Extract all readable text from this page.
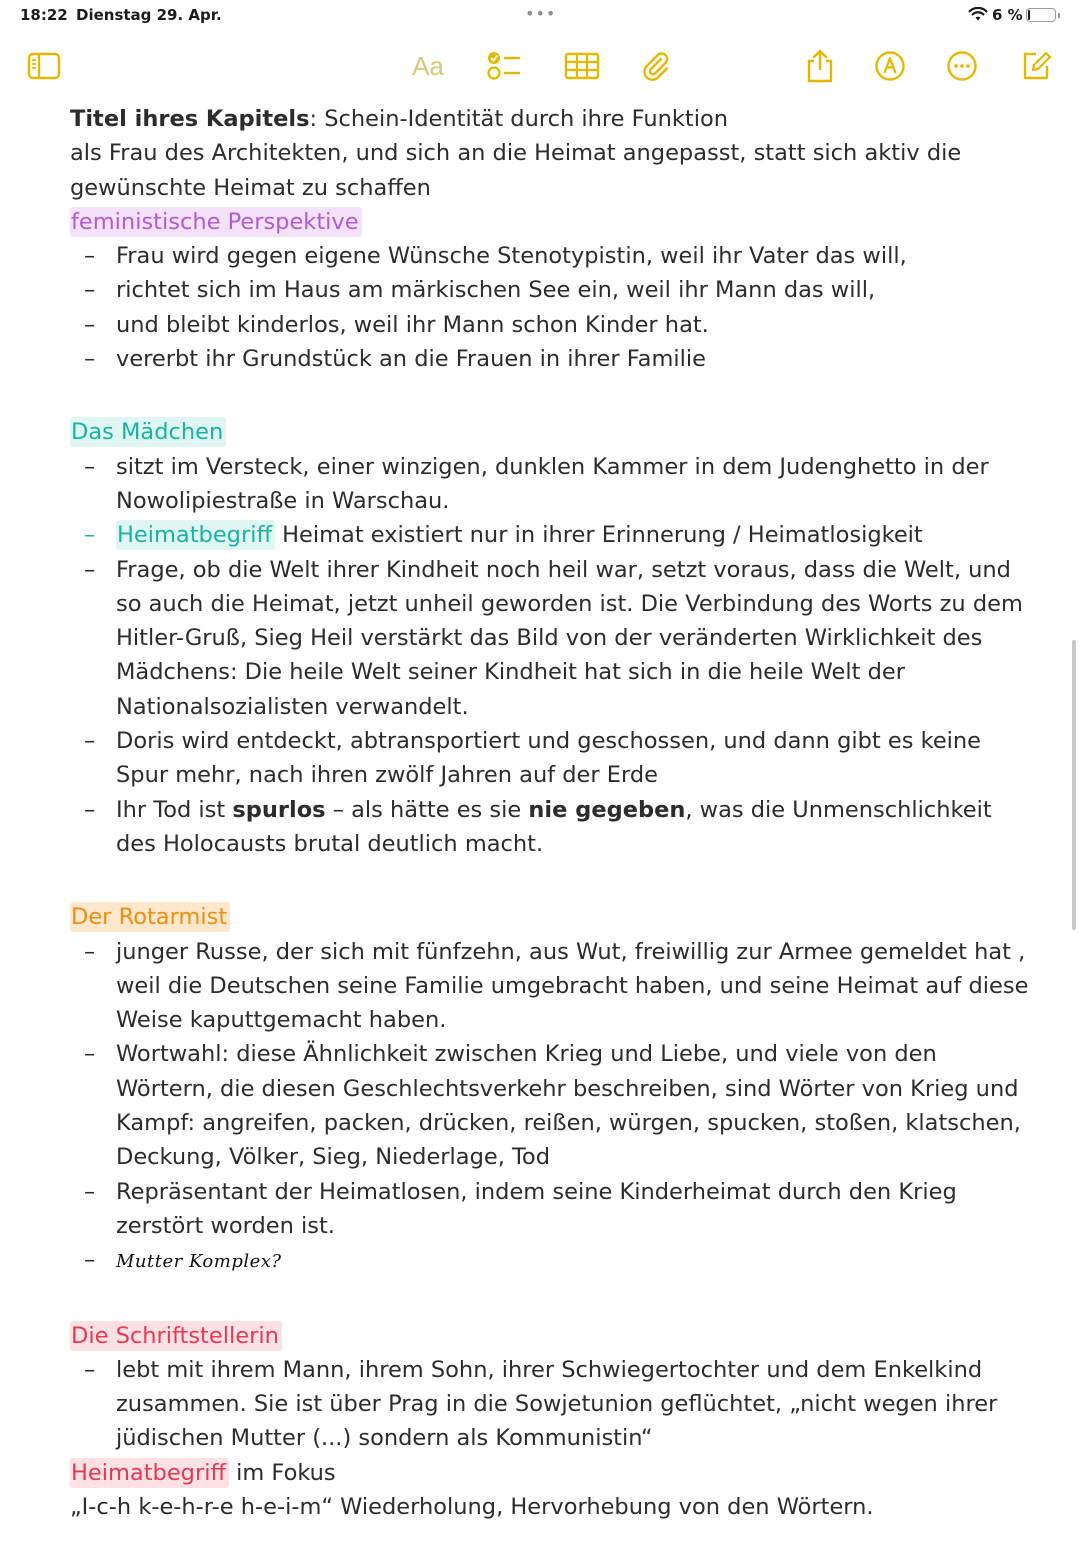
18:22 Dienstag 29. Apr.	•••	6 %
Aa

Titel ihres Kapitels: Schein-Identität durch ihre Funktion

als Frau des Architekten, und sich an die Heimat angepasst, statt sich aktiv die gewünschte Heimat zu schaffen

feministische Perspektive

– Frau wird gegen eigene Wünsche Stenotypistin, weil ihr Vater das will,
– richtet sich im Haus am märkischen See ein, weil ihr Mann das will,
– und bleibt kinderlos, weil ihr Mann schon Kinder hat.
– vererbt ihr Grundstück an die Frauen in ihrer Familie

Das Mädchen

– sitzt im Versteck, einer winzigen, dunklen Kammer in dem Judenghetto in der Nowolipiestraße in Warschau.
– Heimatbegriff Heimat existiert nur in ihrer Erinnerung / Heimatlosigkeit
– Frage, ob die Welt ihrer Kindheit noch heil war, setzt voraus, dass die Welt, und so auch die Heimat, jetzt unheil geworden ist. Die Verbindung des Worts zu dem Hitler-Gruß, Sieg Heil verstärkt das Bild von der veränderten Wirklichkeit des Mädchens: Die heile Welt seiner Kindheit hat sich in die heile Welt der Nationalsozialisten verwandelt.
– Doris wird entdeckt, abtransportiert und geschossen, und dann gibt es keine Spur mehr, nach ihren zwölf Jahren auf der Erde
– Ihr Tod ist spurlos – als hätte es sie nie gegeben, was die Unmenschlichkeit des Holocausts brutal deutlich macht.

Der Rotarmist

– junger Russe, der sich mit fünfzehn, aus Wut, freiwillig zur Armee gemeldet hat , weil die Deutschen seine Familie umgebracht haben, und seine Heimat auf diese Weise kaputtgemacht haben.
– Wortwahl: diese Ähnlichkeit zwischen Krieg und Liebe, und viele von den Wörtern, die diesen Geschlechtsverkehr beschreiben, sind Wörter von Krieg und Kampf: angreifen, packen, drücken, reißen, würgen, spucken, stoßen, klatschen, Deckung, Völker, Sieg, Niederlage, Tod
– Repräsentant der Heimatlosen, indem seine Kinderheimat durch den Krieg zerstört worden ist.
– Mutter Komplex?

Die Schriftstellerin

– lebt mit ihrem Mann, ihrem Sohn, ihrer Schwiegertochter und dem Enkelkind zusammen. Sie ist über Prag in die Sowjetunion geflüchtet, „nicht wegen ihrer jüdischen Mutter (...) sondern als Kommunistin“

Heimatbegriff im Fokus

„I-c-h k-e-h-r-e h-e-i-m“ Wiederholung, Hervorhebung von den Wörtern.
